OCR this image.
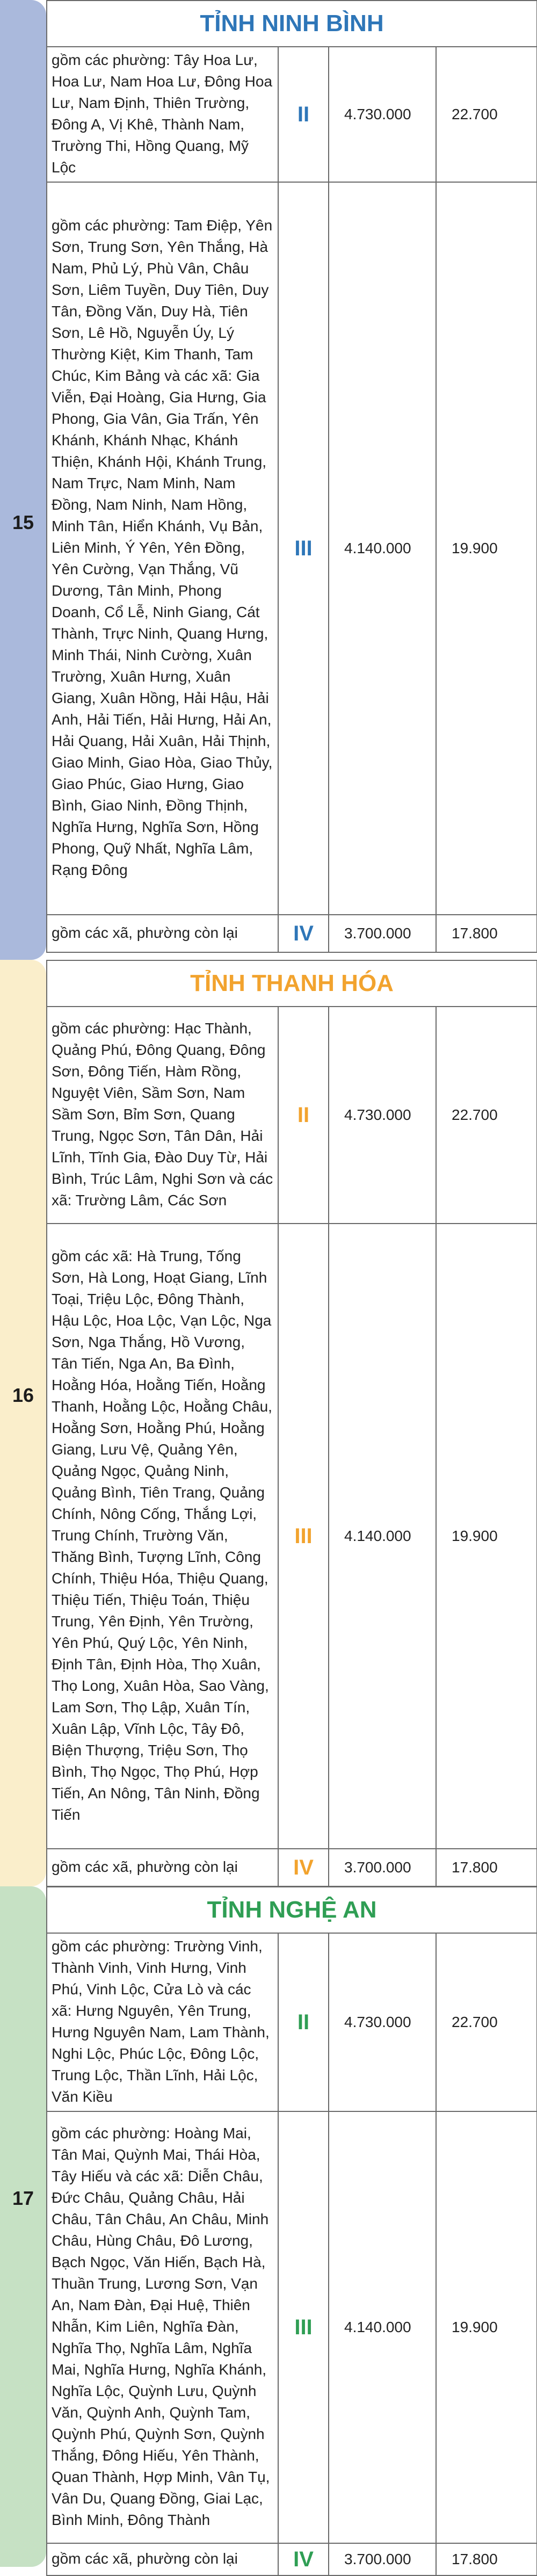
15
TỈNH NINH BÌNH			
gồm các phường: Tây Hoa Lư, Hoa Lư, Nam Hoa Lư, Đông Hoa Lư, Nam Định, Thiên Trường, Đông A, Vị Khê, Thành Nam, Trường Thi, Hồng Quang, Mỹ Lộc	II	4.730.000	22.700
gồm các phường: Tam Điệp, Yên Sơn, Trung Sơn, Yên Thắng, Hà Nam, Phủ Lý, Phù Vân, Châu Sơn, Liêm Tuyền, Duy Tiên, Duy Tân, Đồng Văn, Duy Hà, Tiên Sơn, Lê Hồ, Nguyễn Úy, Lý Thường Kiệt, Kim Thanh, Tam Chúc, Kim Bảng và các xã: Gia Viễn, Đại Hoàng, Gia Hưng, Gia Phong, Gia Vân, Gia Trấn, Yên Khánh, Khánh Nhạc, Khánh Thiện, Khánh Hội, Khánh Trung, Nam Trực, Nam Minh, Nam Đồng, Nam Ninh, Nam Hồng, Minh Tân, Hiển Khánh, Vụ Bản, Liên Minh, Ý Yên, Yên Đồng, Yên Cường, Vạn Thắng, Vũ Dương, Tân Minh, Phong Doanh, Cổ Lễ, Ninh Giang, Cát Thành, Trực Ninh, Quang Hưng, Minh Thái, Ninh Cường, Xuân Trường, Xuân Hưng, Xuân Giang, Xuân Hồng, Hải Hậu, Hải Anh, Hải Tiến, Hải Hưng, Hải An, Hải Quang, Hải Xuân, Hải Thịnh, Giao Minh, Giao Hòa, Giao Thủy, Giao Phúc, Giao Hưng, Giao Bình, Giao Ninh, Đồng Thịnh, Nghĩa Hưng, Nghĩa Sơn, Hồng Phong, Quỹ Nhất, Nghĩa Lâm, Rạng Đông	III	4.140.000	19.900
gồm các xã, phường còn lại	IV	3.700.000	17.800
16
TỈNH THANH HÓA			
gồm các phường: Hạc Thành, Quảng Phú, Đông Quang, Đông Sơn, Đông Tiến, Hàm Rồng, Nguyệt Viên, Sầm Sơn, Nam Sầm Sơn, Bỉm Sơn, Quang Trung, Ngọc Sơn, Tân Dân, Hải Lĩnh, Tĩnh Gia, Đào Duy Từ, Hải Bình, Trúc Lâm, Nghi Sơn và các xã: Trường Lâm, Các Sơn	II	4.730.000	22.700
gồm các xã: Hà Trung, Tống Sơn, Hà Long, Hoạt Giang, Lĩnh Toại, Triệu Lộc, Đông Thành, Hậu Lộc, Hoa Lộc, Vạn Lộc, Nga Sơn, Nga Thắng, Hồ Vương, Tân Tiến, Nga An, Ba Đình, Hoằng Hóa, Hoằng Tiến, Hoằng Thanh, Hoằng Lộc, Hoằng Châu, Hoằng Sơn, Hoằng Phú, Hoằng Giang, Lưu Vệ, Quảng Yên, Quảng Ngọc, Quảng Ninh, Quảng Bình, Tiên Trang, Quảng Chính, Nông Cống, Thắng Lợi, Trung Chính, Trường Văn, Thăng Bình, Tượng Lĩnh, Công Chính, Thiệu Hóa, Thiệu Quang, Thiệu Tiến, Thiệu Toán, Thiệu Trung, Yên Định, Yên Trường, Yên Phú, Quý Lộc, Yên Ninh, Định Tân, Định Hòa, Thọ Xuân, Thọ Long, Xuân Hòa, Sao Vàng, Lam Sơn, Thọ Lập, Xuân Tín, Xuân Lập, Vĩnh Lộc, Tây Đô, Biện Thượng, Triệu Sơn, Thọ Bình, Thọ Ngọc, Thọ Phú, Hợp Tiến, An Nông, Tân Ninh, Đồng Tiến	III	4.140.000	19.900
gồm các xã, phường còn lại	IV	3.700.000	17.800
17
TỈNH NGHỆ AN			
gồm các phường: Trường Vinh, Thành Vinh, Vinh Hưng, Vinh Phú, Vinh Lộc, Cửa Lò và các xã: Hưng Nguyên, Yên Trung, Hưng Nguyên Nam, Lam Thành, Nghi Lộc, Phúc Lộc, Đông Lộc, Trung Lộc, Thần Lĩnh, Hải Lộc, Văn Kiều	II	4.730.000	22.700
gồm các phường: Hoàng Mai, Tân Mai, Quỳnh Mai, Thái Hòa, Tây Hiếu và các xã: Diễn Châu, Đức Châu, Quảng Châu, Hải Châu, Tân Châu, An Châu, Minh Châu, Hùng Châu, Đô Lương, Bạch Ngọc, Văn Hiến, Bạch Hà, Thuần Trung, Lương Sơn, Vạn An, Nam Đàn, Đại Huệ, Thiên Nhẫn, Kim Liên, Nghĩa Đàn, Nghĩa Thọ, Nghĩa Lâm, Nghĩa Mai, Nghĩa Hưng, Nghĩa Khánh, Nghĩa Lộc, Quỳnh Lưu, Quỳnh Văn, Quỳnh Anh, Quỳnh Tam, Quỳnh Phú, Quỳnh Sơn, Quỳnh Thắng, Đông Hiếu, Yên Thành, Quan Thành, Hợp Minh, Vân Tụ, Vân Du, Quang Đồng, Giai Lạc, Bình Minh, Đông Thành	III	4.140.000	19.900
gồm các xã, phường còn lại	IV	3.700.000	17.800
